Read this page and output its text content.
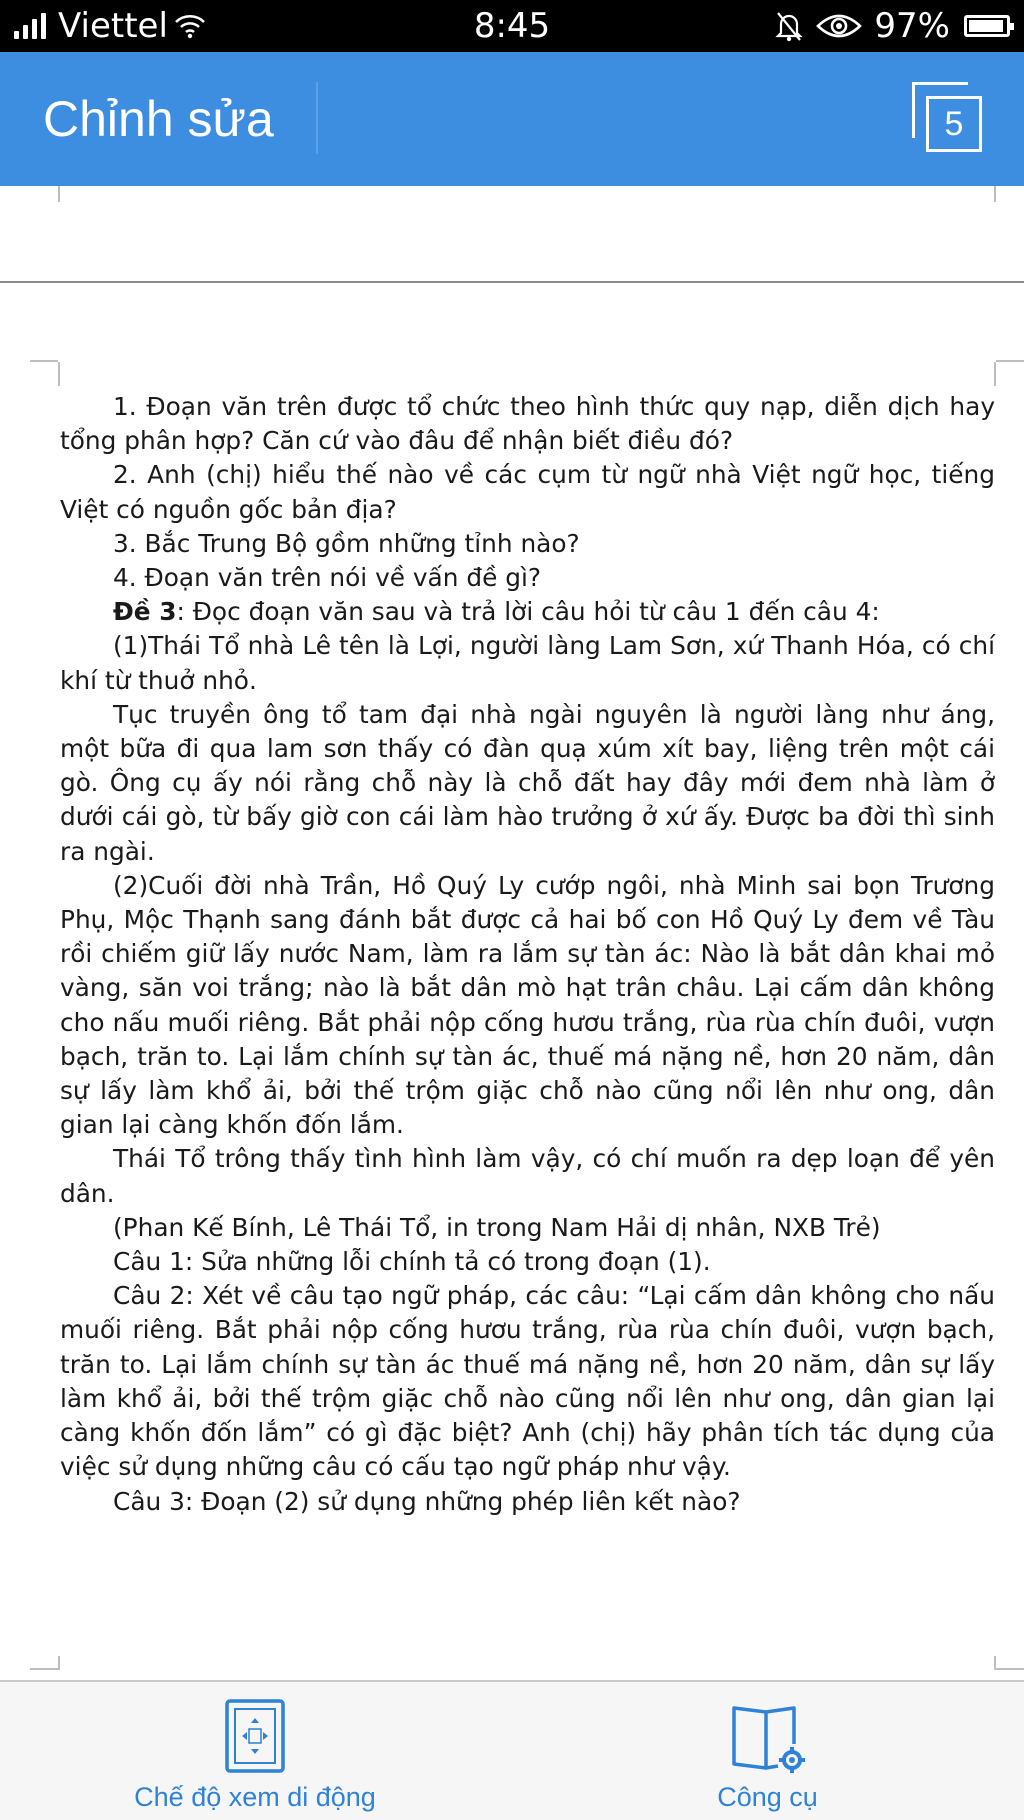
Viettel	8:45	97%
Chỉnh sửa	5

1. Đoạn văn trên được tổ chức theo hình thức quy nạp, diễn dịch hay tổng phân hợp? Căn cứ vào đâu để nhận biết điều đó?

2. Anh (chị) hiểu thế nào về các cụm từ ngữ nhà Việt ngữ học, tiếng Việt có nguồn gốc bản địa?

3. Bắc Trung Bộ gồm những tỉnh nào?

4. Đoạn văn trên nói về vấn đề gì?

Đề 3: Đọc đoạn văn sau và trả lời câu hỏi từ câu 1 đến câu 4:

(1)Thái Tổ nhà Lê tên là Lợi, người làng Lam Sơn, xứ Thanh Hóa, có chí khí từ thuở nhỏ.

Tục truyền ông tổ tam đại nhà ngài nguyên là người làng như áng, một bữa đi qua lam sơn thấy có đàn quạ xúm xít bay, liệng trên một cái gò. Ông cụ ấy nói rằng chỗ này là chỗ đất hay đây mới đem nhà làm ở dưới cái gò, từ bấy giờ con cái làm hào trưởng ở xứ ấy. Được ba đời thì sinh ra ngài.

(2)Cuối đời nhà Trần, Hồ Quý Ly cướp ngôi, nhà Minh sai bọn Trương Phụ, Mộc Thạnh sang đánh bắt được cả hai bố con Hồ Quý Ly đem về Tàu rồi chiếm giữ lấy nước Nam, làm ra lắm sự tàn ác: Nào là bắt dân khai mỏ vàng, săn voi trắng; nào là bắt dân mò hạt trân châu. Lại cấm dân không cho nấu muối riêng. Bắt phải nộp cống hươu trắng, rùa rùa chín đuôi, vượn bạch, trăn to. Lại lắm chính sự tàn ác, thuế má nặng nề, hơn 20 năm, dân sự lấy làm khổ ải, bởi thế trộm giặc chỗ nào cũng nổi lên như ong, dân gian lại càng khốn đốn lắm.

Thái Tổ trông thấy tình hình làm vậy, có chí muốn ra dẹp loạn để yên dân.

(Phan Kế Bính, Lê Thái Tổ, in trong Nam Hải dị nhân, NXB Trẻ)

Câu 1: Sửa những lỗi chính tả có trong đoạn (1).

Câu 2: Xét về câu tạo ngữ pháp, các câu: “Lại cấm dân không cho nấu muối riêng. Bắt phải nộp cống hươu trắng, rùa rùa chín đuôi, vượn bạch, trăn to. Lại lắm chính sự tàn ác thuế má nặng nề, hơn 20 năm, dân sự lấy làm khổ ải, bởi thế trộm giặc chỗ nào cũng nổi lên như ong, dân gian lại càng khốn đốn lắm” có gì đặc biệt? Anh (chị) hãy phân tích tác dụng của việc sử dụng những câu có cấu tạo ngữ pháp như vậy.

Câu 3: Đoạn (2) sử dụng những phép liên kết nào?

Chế độ xem di động	Công cụ
